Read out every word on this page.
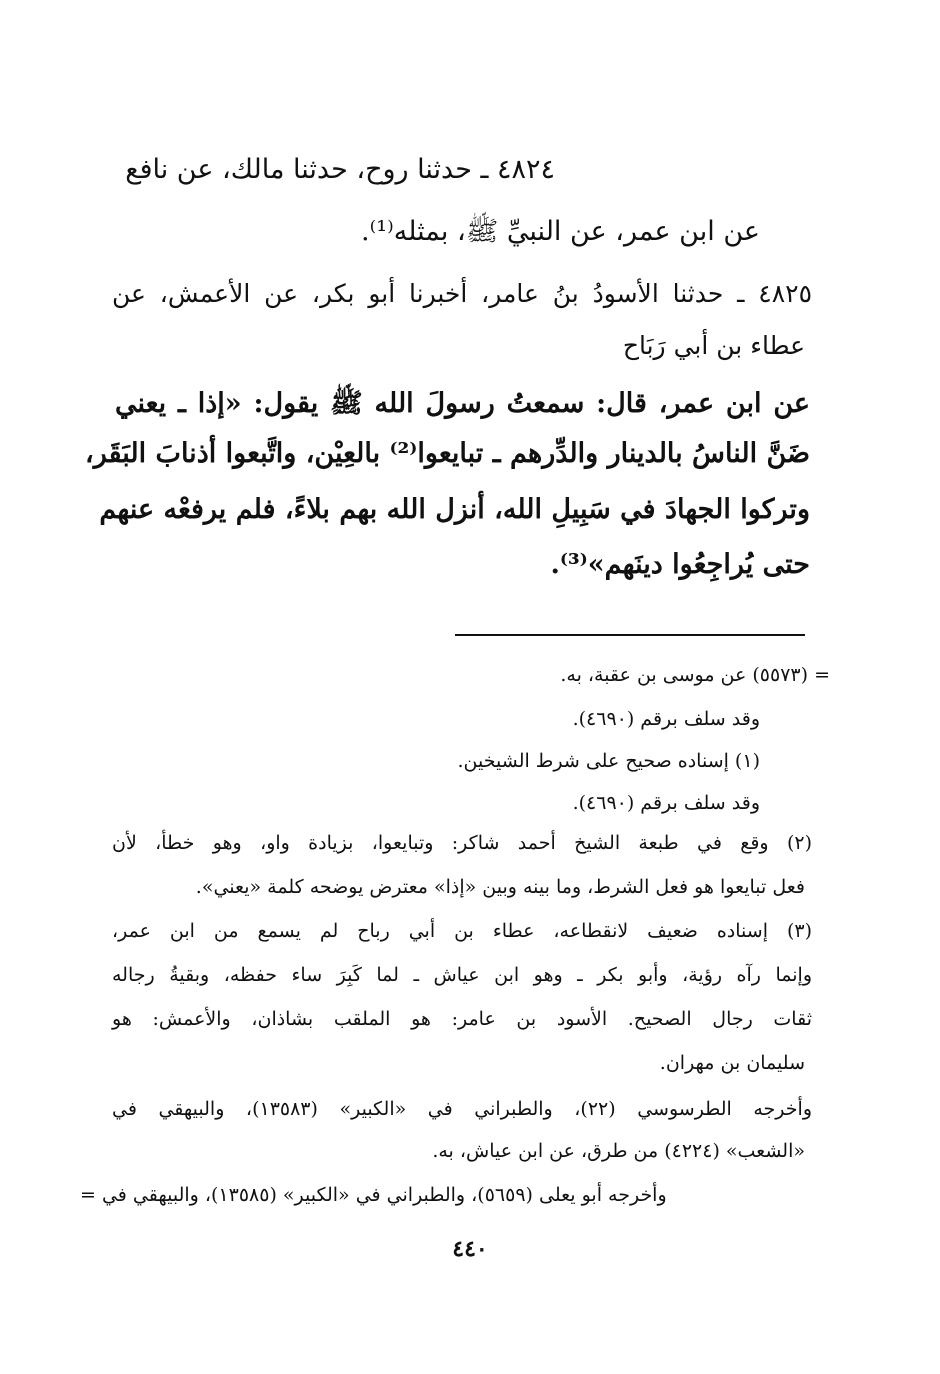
٤٨٢٤ ـ حدثنا روح، حدثنا مالك، عن نافع

عن ابن عمر، عن النبيِّ ﷺ، بمثله⁽¹⁾.

٤٨٢٥ ـ حدثنا الأسودُ بنُ عامر، أخبرنا أبو بكر، عن الأعمش، عن

عطاء بن أبي رَبَاح

عن ابن عمر، قال: سمعتُ رسولَ الله ﷺ يقول: «إذا ـ يعني

ضَنَّ الناسُ بالدينار والدِّرهم ـ تبايعوا⁽²⁾ بالعِيْن، واتَّبعوا أذنابَ البَقَر،

وتركوا الجهادَ في سَبِيلِ الله، أنزل الله بهم بلاءً، فلم يرفعْه عنهم

حتى يُراجِعُوا دينَهم»⁽³⁾.

= (٥٥٧٣) عن موسى بن عقبة، به.

وقد سلف برقم (٤٦٩٠).

(١) إسناده صحيح على شرط الشيخين.

وقد سلف برقم (٤٦٩٠).

(٢) وقع في طبعة الشيخ أحمد شاكر: وتبايعوا، بزيادة واو، وهو خطأ، لأن

فعل تبايعوا هو فعل الشرط، وما بينه وبين «إذا» معترض يوضحه كلمة «يعني».

(٣) إسناده ضعيف لانقطاعه، عطاء بن أبي رباح لم يسمع من ابن عمر،

وإنما رآه رؤية، وأبو بكر ـ وهو ابن عياش ـ لما كَبِرَ ساء حفظه، وبقيةُ رجاله

ثقات رجال الصحيح. الأسود بن عامر: هو الملقب بشاذان، والأعمش: هو

سليمان بن مهران.

وأخرجه الطرسوسي (٢٢)، والطبراني في «الكبير» (١٣٥٨٣)، والبيهقي في

«الشعب» (٤٢٢٤) من طرق، عن ابن عياش، به.

وأخرجه أبو يعلى (٥٦٥٩)، والطبراني في «الكبير» (١٣٥٨٥)، والبيهقي في =

٤٤٠
